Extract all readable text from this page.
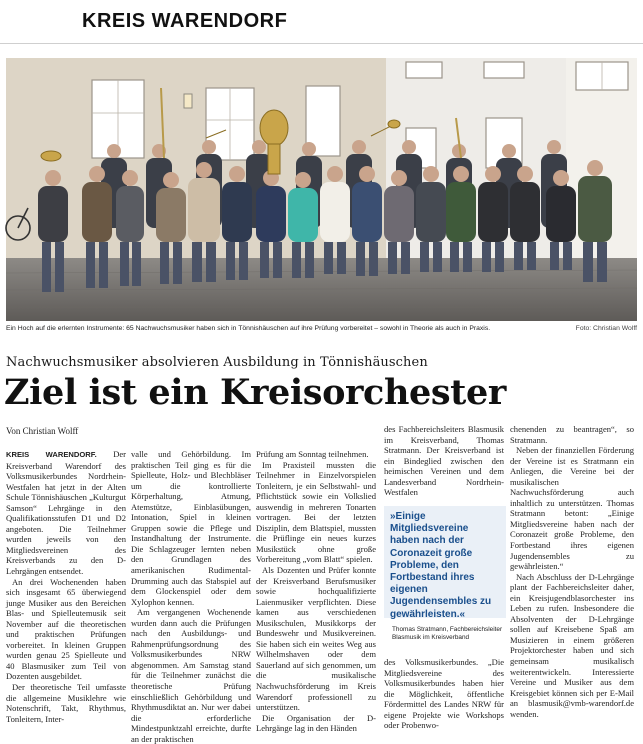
KREIS WARENDORF
Ein Hoch auf die erlernten Instrumente: 65 Nachwuchsmusiker haben sich in Tönnishäuschen auf ihre Prüfung vorbereitet – sowohl in Theorie als auch in Praxis.	Foto: Christian Wolff
Nachwuchsmusiker absolvieren Ausbildung in Tönnishäuschen
Ziel ist ein Kreisorchester
Von Christian Wolff

KREIS WARENDORF. Der Kreisverband Warendorf des Volksmusikerbundes Nordrhein-Westfalen hat jetzt in der Alten Schule Tönnishäuschen „Kulturgut Samson“ Lehrgänge in den Qualifikationsstufen D1 und D2 angeboten. Die Teilnehmer wurden jeweils von den Mitgliedsvereinen des Kreisverbands zu den D-Lehrgängen entsendet.

An drei Wochenenden haben sich insgesamt 65 überwiegend junge Musiker aus den Bereichen Blas- und Spielleutemusik seit November auf die theoretischen und praktischen Prüfungen vorbereitet. In kleinen Gruppen wurden genau 25 Spielleute und 40 Blasmusiker zum Teil von Dozenten ausgebildet.

Der theoretische Teil umfasste die allgemeine Musiklehre wie Notenschrift, Takt, Rhythmus, Tonleitern, Inter-

valle und Gehörbildung. Im praktischen Teil ging es für die Spielleute, Holz- und Blechbläser um die kontrollierte Körperhaltung, Atmung, Atemstütze, Einblasübungen, Intonation, Spiel in kleinen Gruppen sowie die Pflege und Instandhaltung der Instrumente. Die Schlagzeuger lernten neben den Grundlagen des amerikanischen Rudimental-Drumming auch das Stabspiel auf dem Glockenspiel oder dem Xylophon kennen.

Am vergangenen Wochenende wurden dann auch die Prüfungen nach den Ausbildungs- und Rahmenprüfungsordnung des Volksmusikerbundes NRW abgenommen. Am Samstag stand für die Teilnehmer zunächst die theoretische Prüfung einschließlich Gehörbildung und Rhythmusdiktat an. Nur wer dabei die erforderliche Mindestpunktzahl erreichte, durfte an der praktischen

Prüfung am Sonntag teilnehmen.

Im Praxisteil mussten die Teilnehmer in Einzelvorspielen Tonleitern, je ein Selbstwahl- und Pflichtstück sowie ein Volkslied auswendig in mehreren Tonarten vortragen. Bei der letzten Disziplin, dem Blattspiel, mussten die Prüflinge ein neues kurzes Musikstück ohne große Vorbereitung „vom Blatt“ spielen.

Als Dozenten und Prüfer konnte der Kreisverband Berufsmusiker sowie hochqualifizierte Laienmusiker verpflichten. Diese kamen aus verschiedenen Musikschulen, Musikkorps der Bundeswehr und Musikvereinen. Sie haben sich ein weites Weg aus Wilhelmshaven oder dem Sauerland auf sich genommen, um die musikalische Nachwuchsförderung im Kreis Warendorf professionell zu unterstützen.

Die Organisation der D-Lehrgänge lag in den Händen

des Fachbereichsleiters Blasmusik im Kreisverband, Thomas Stratmann. Der Kreisverband ist ein Bindeglied zwischen den heimischen Vereinen und dem Landesverband Nordrhein-Westfalen

»Einige Mitgliedsvereine haben nach der Coronazeit große Probleme, den Fortbestand ihres eigenen Jugendensembles zu gewährleisten.«
Thomas Stratmann, Fachbereichsleiter Blasmusik im Kreisverband

des Volksmusikerbundes. „Die Mitgliedsvereine des Volksmusikerbundes haben hier die Möglichkeit, öffentliche Fördermittel des Landes NRW für eigene Projekte wie Workshops oder Probenwo-

chenenden zu beantragen“, so Stratmann.

Neben der finanziellen Förderung der Vereine ist es Stratmann ein Anliegen, die Vereine bei der musikalischen Nachwuchsförderung auch inhaltlich zu unterstützen. Thomas Stratmann betont: „Einige Mitgliedsvereine haben nach der Coronazeit große Probleme, den Fortbestand ihres eigenen Jugendensembles zu gewährleisten.“

Nach Abschluss der D-Lehrgänge plant der Fachbereichsleiter daher, ein Kreisjugendblasorchester ins Leben zu rufen. Insbesondere die Absolventen der D-Lehrgänge sollen auf Kreisebene Spaß am Musizieren in einem größeren Projektorchester haben und sich gemeinsam musikalisch weiterentwickeln. Interessierte Vereine und Musiker aus dem Kreisgebiet können sich per E-Mail an blasmusik@vmb-warendorf.de wenden.
